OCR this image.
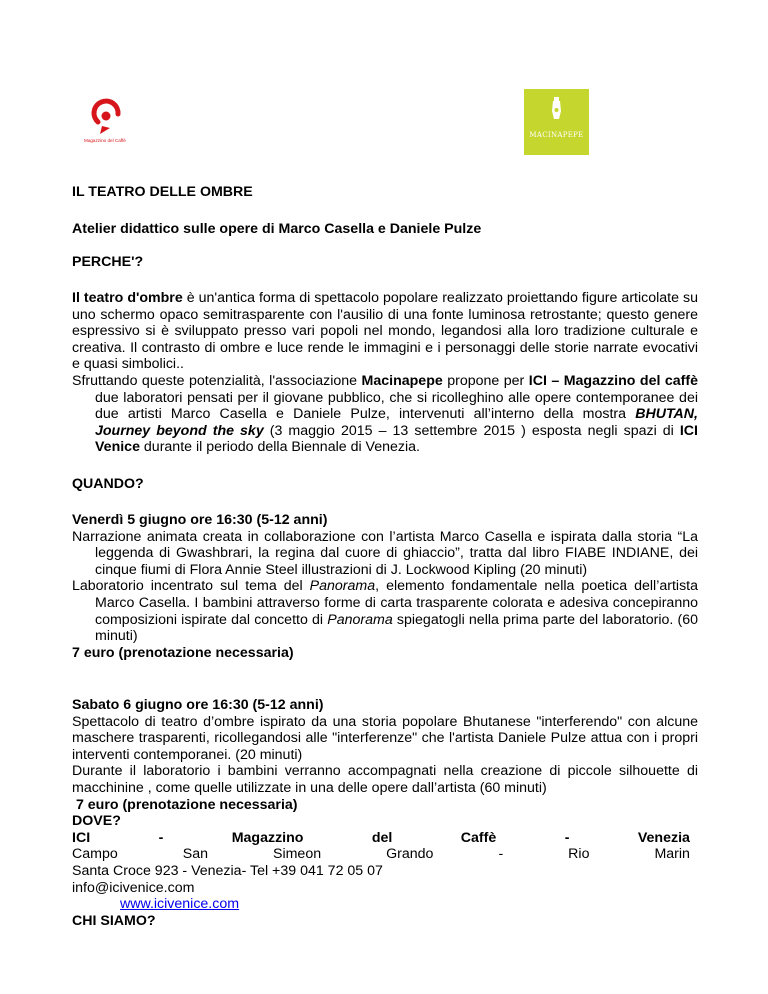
Magazzino del Caffè
MACINAPEPE

IL TEATRO DELLE OMBRE

Atelier didattico sulle opere di Marco Casella e Daniele Pulze

PERCHE'?

Il teatro d'ombre è un'antica forma di spettacolo popolare realizzato proiettando figure articolate su uno schermo opaco semitrasparente con l'ausilio di una fonte luminosa retrostante; questo genere espressivo si è sviluppato presso vari popoli nel mondo, legandosi alla loro tradizione culturale e creativa. Il contrasto di ombre e luce rende le immagini e i personaggi delle storie narrate evocativi e quasi simbolici..

Sfruttando queste potenzialità, l'associazione Macinapepe propone per ICI – Magazzino del caffè due laboratori pensati per il giovane pubblico, che si ricolleghino alle opere contemporanee dei due artisti Marco Casella e Daniele Pulze, intervenuti all’interno della mostra BHUTAN, Journey beyond the sky (3 maggio 2015 – 13 settembre 2015 ) esposta negli spazi di ICI Venice durante il periodo della Biennale di Venezia.

QUANDO?

Venerdì 5 giugno ore 16:30 (5-12 anni)

Narrazione animata creata in collaborazione con l’artista Marco Casella e ispirata dalla storia “La leggenda di Gwashbrari, la regina dal cuore di ghiaccio”, tratta dal libro FIABE INDIANE, dei cinque fiumi di Flora Annie Steel illustrazioni di J. Lockwood Kipling (20 minuti)

Laboratorio incentrato sul tema del Panorama, elemento fondamentale nella poetica dell’artista Marco Casella. I bambini attraverso forme di carta trasparente colorata e adesiva concepiranno composizioni ispirate dal concetto di Panorama spiegatogli nella prima parte del laboratorio. (60 minuti)

7 euro (prenotazione necessaria)

Sabato 6 giugno ore 16:30 (5-12 anni)

Spettacolo di teatro d’ombre ispirato da una storia popolare Bhutanese "interferendo" con alcune maschere trasparenti, ricollegandosi alle "interferenze" che l'artista Daniele Pulze attua con i propri interventi contemporanei. (20 minuti)

Durante il laboratorio i bambini verranno accompagnati nella creazione di piccole silhouette di macchinine , come quelle utilizzate in una delle opere dall’artista (60 minuti)

7 euro (prenotazione necessaria)

DOVE?

ICI	-	Magazzino	del	Caffè	-	Venezia
Campo	San	Simeon	Grando	-	Rio	Marin

Santa Croce 923 - Venezia- Tel +39 041 72 05 07

info@icivenice.com

www.icivenice.com

CHI SIAMO?
